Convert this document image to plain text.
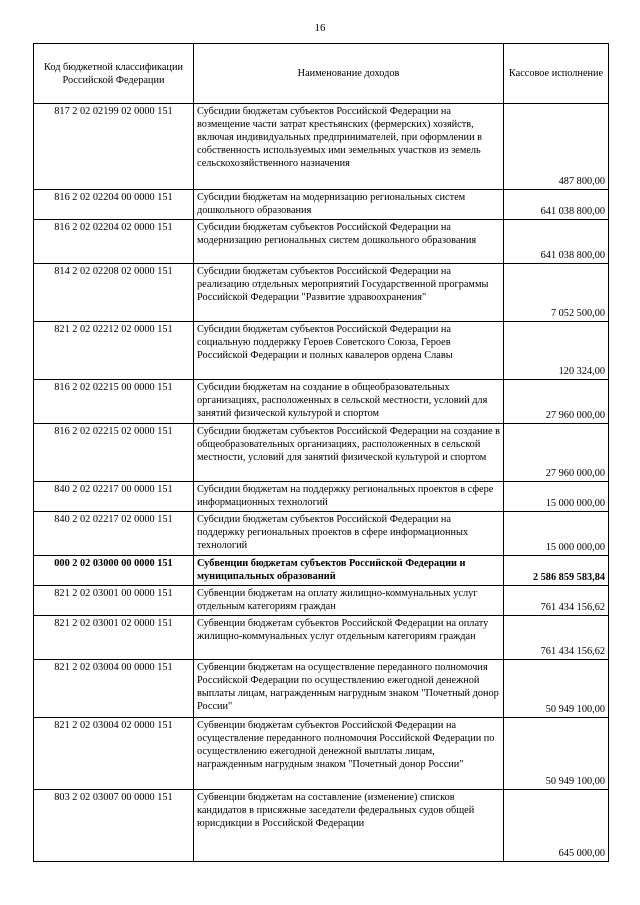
16
Код бюджетной классификации Российской Федерации	Наименование доходов	Кассовое исполнение
817 2 02 02199 02 0000 151	Субсидии бюджетам субъектов Российской Федерации на возмещение части затрат крестьянских (фермерских) хозяйств, включая индивидуальных предпринимателей, при оформлении в собственность используемых ими земельных участков из земель сельскохозяйственного назначения	487 800,00
816 2 02 02204 00 0000 151	Субсидии бюджетам на модернизацию региональных систем дошкольного образования	641 038 800,00
816 2 02 02204 02 0000 151	Субсидии бюджетам субъектов Российской Федерации на модернизацию региональных систем дошкольного образования	641 038 800,00
814 2 02 02208 02 0000 151	Субсидии бюджетам субъектов Российской Федерации на реализацию отдельных мероприятий Государственной программы Российской Федерации "Развитие здравоохранения"	7 052 500,00
821 2 02 02212 02 0000 151	Субсидии бюджетам субъектов Российской Федерации на социальную поддержку Героев Советского Союза, Героев Российской Федерации и полных кавалеров ордена Славы	120 324,00
816 2 02 02215 00 0000 151	Субсидии бюджетам на создание в общеобразовательных организациях, расположенных в сельской местности, условий для занятий физической культурой и спортом	27 960 000,00
816 2 02 02215 02 0000 151	Субсидии бюджетам субъектов Российской Федерации на создание в общеобразовательных организациях, расположенных в сельской местности, условий для занятий физической культурой и спортом	27 960 000,00
840 2 02 02217 00 0000 151	Субсидии бюджетам на поддержку региональных проектов в сфере информационных технологий	15 000 000,00
840 2 02 02217 02 0000 151	Субсидии бюджетам субъектов Российской Федерации на поддержку региональных проектов в сфере информационных технологий	15 000 000,00
000 2 02 03000 00 0000 151	Субвенции бюджетам субъектов Российской Федерации и муниципальных образований	2 586 859 583,84
821 2 02 03001 00 0000 151	Субвенции бюджетам на оплату жилищно-коммунальных услуг отдельным категориям граждан	761 434 156,62
821 2 02 03001 02 0000 151	Субвенции бюджетам субъектов Российской Федерации на оплату жилищно-коммунальных услуг отдельным категориям граждан	761 434 156,62
821 2 02 03004 00 0000 151	Субвенции бюджетам на осуществление переданного полномочия Российской Федерации по осуществлению ежегодной денежной выплаты лицам, награжденным нагрудным знаком "Почетный донор России"	50 949 100,00
821 2 02 03004 02 0000 151	Субвенции бюджетам субъектов Российской Федерации на осуществление переданного полномочия Российской Федерации по осуществлению ежегодной денежной выплаты лицам, награжденным нагрудным знаком "Почетный донор России"	50 949 100,00
803 2 02 03007 00 0000 151	Субвенции бюджетам на составление (изменение) списков кандидатов в присяжные заседатели федеральных судов общей юрисдикции в Российской Федерации	645 000,00
